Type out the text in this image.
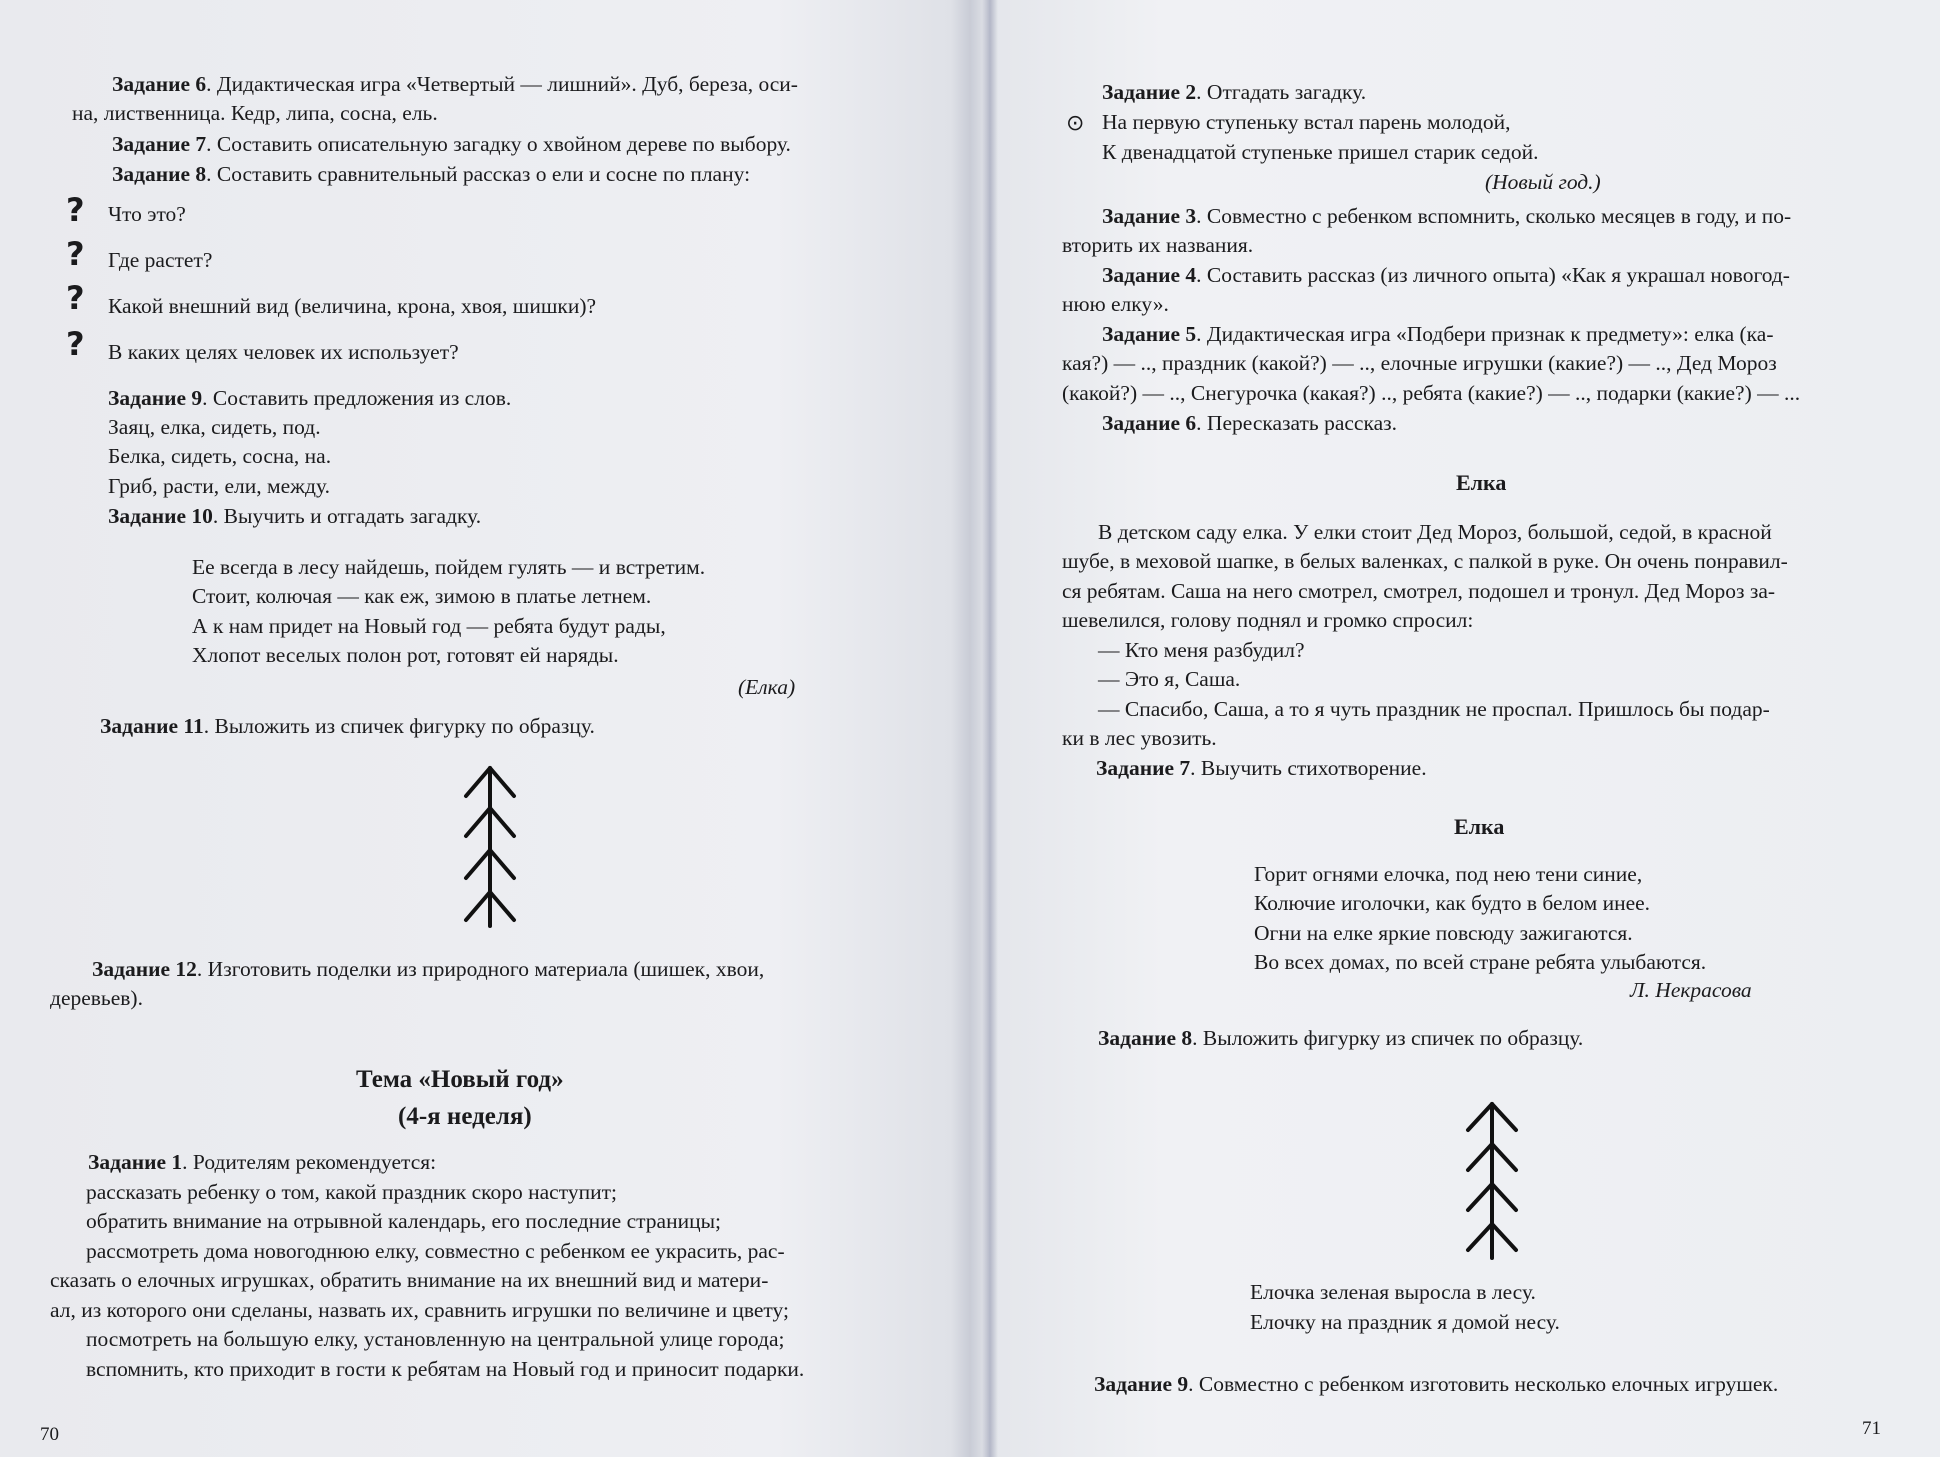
Задание 6. Дидактическая игра «Четвертый — лишний». Дуб, береза, оси-
на, лиственница. Кедр, липа, сосна, ель.
Задание 7. Составить описательную загадку о хвойном дереве по выбору.
Задание 8. Составить сравнительный рассказ о ели и сосне по плану:
? Что это?
? Где растет?
? Какой внешний вид (величина, крона, хвоя, шишки)?
? В каких целях человек их использует?
Задание 9. Составить предложения из слов.
Заяц, елка, сидеть, под.
Белка, сидеть, сосна, на.
Гриб, расти, ели, между.
Задание 10. Выучить и отгадать загадку.
Ее всегда в лесу найдешь, пойдем гулять — и встретим.
Стоит, колючая — как еж, зимою в платье летнем.
А к нам придет на Новый год — ребята будут рады,
Хлопот веселых полон рот, готовят ей наряды.
(Елка)
Задание 11. Выложить из спичек фигурку по образцу.
Задание 12. Изготовить поделки из природного материала (шишек, хвои,
деревьев).
Тема «Новый год»
(4-я неделя)
Задание 1. Родителям рекомендуется:
рассказать ребенку о том, какой праздник скоро наступит;
обратить внимание на отрывной календарь, его последние страницы;
рассмотреть дома новогоднюю елку, совместно с ребенком ее украсить, рас-
сказать о елочных игрушках, обратить внимание на их внешний вид и матери-
ал, из которого они сделаны, назвать их, сравнить игрушки по величине и цвету;
посмотреть на большую елку, установленную на центральной улице города;
вспомнить, кто приходит в гости к ребятам на Новый год и приносит подарки.
70
Задание 2. Отгадать загадку.
⊙ На первую ступеньку встал парень молодой,
К двенадцатой ступеньке пришел старик седой.
(Новый год.)
Задание 3. Совместно с ребенком вспомнить, сколько месяцев в году, и по-
вторить их названия.
Задание 4. Составить рассказ (из личного опыта) «Как я украшал новогод-
нюю елку».
Задание 5. Дидактическая игра «Подбери признак к предмету»: елка (ка-
кая?) — .., праздник (какой?) — .., елочные игрушки (какие?) — .., Дед Мороз
(какой?) — .., Снегурочка (какая?) .., ребята (какие?) — .., подарки (какие?) — ...
Задание 6. Пересказать рассказ.
Елка
В детском саду елка. У елки стоит Дед Мороз, большой, седой, в красной
шубе, в меховой шапке, в белых валенках, с палкой в руке. Он очень понравил-
ся ребятам. Саша на него смотрел, смотрел, подошел и тронул. Дед Мороз за-
шевелился, голову поднял и громко спросил:
— Кто меня разбудил?
— Это я, Саша.
— Спасибо, Саша, а то я чуть праздник не проспал. Пришлось бы подар-
ки в лес увозить.
Задание 7. Выучить стихотворение.
Елка
Горит огнями елочка, под нею тени синие,
Колючие иголочки, как будто в белом инее.
Огни на елке яркие повсюду зажигаются.
Во всех домах, по всей стране ребята улыбаются.
Л. Некрасова
Задание 8. Выложить фигурку из спичек по образцу.
Елочка зеленая выросла в лесу.
Елочку на праздник я домой несу.
Задание 9. Совместно с ребенком изготовить несколько елочных игрушек.
71
